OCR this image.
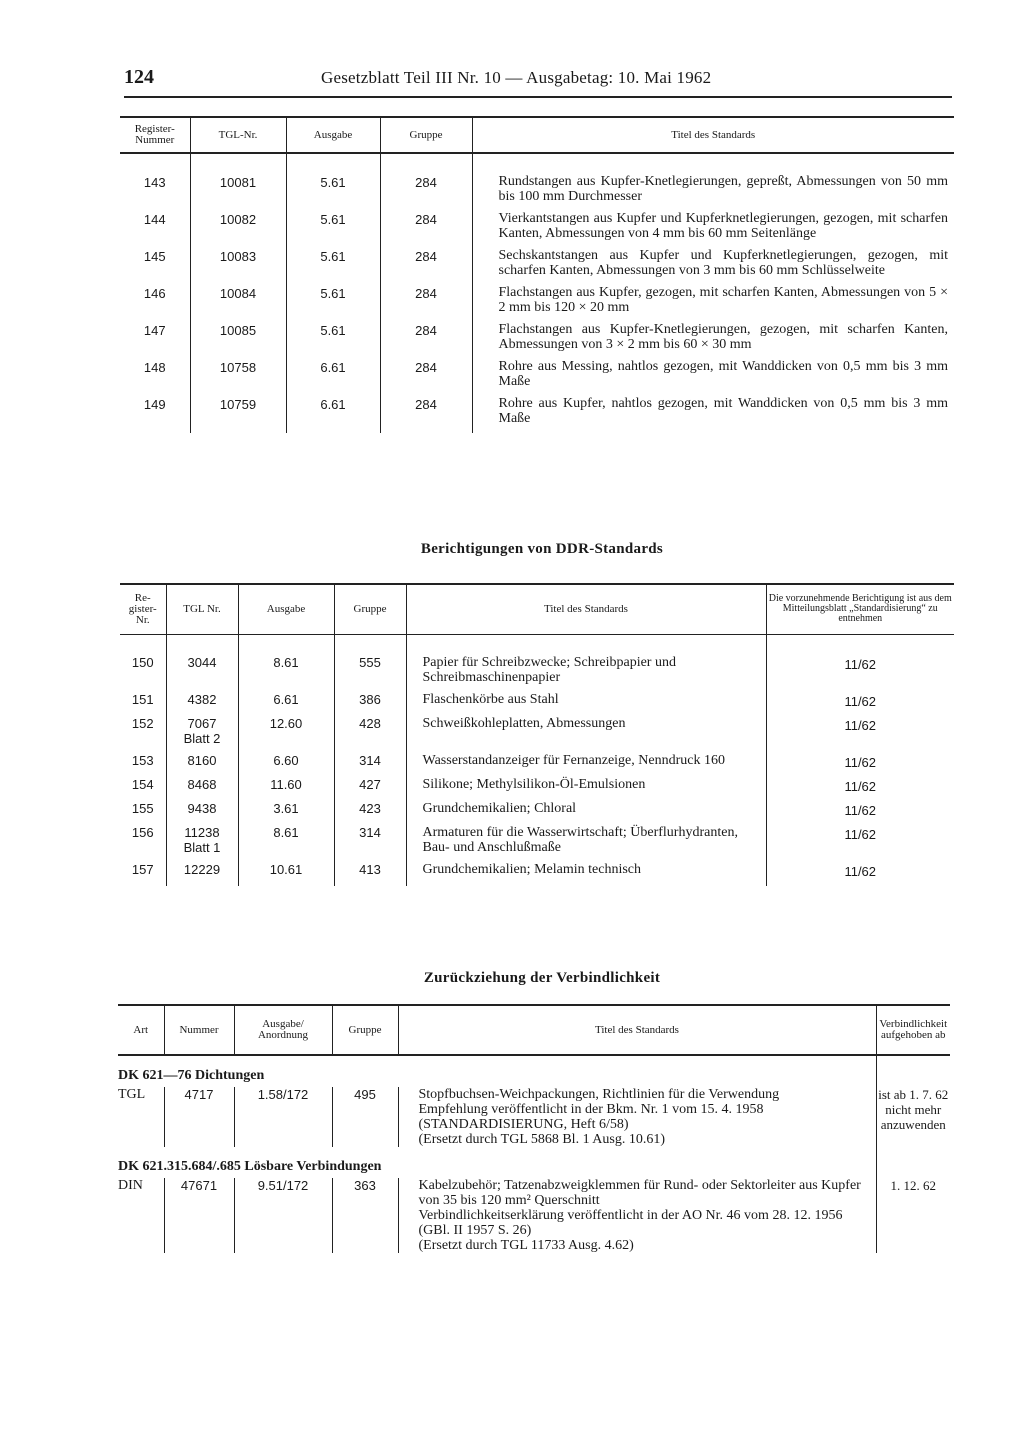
124	Gesetzblatt Teil III Nr. 10 — Ausgabetag: 10. Mai 1962
Register-Nummer	TGL-Nr.	Ausgabe	Gruppe	Titel des Standards

143	10081	5.61	284	Rundstangen aus Kupfer-Knetlegierungen, gepreßt, Abmessungen von 50 mm bis 100 mm Durchmesser
144	10082	5.61	284	Vierkantstangen aus Kupfer und Kupferknetlegierungen, gezogen, mit scharfen Kanten, Abmessungen von 4 mm bis 60 mm Seitenlänge
145	10083	5.61	284	Sechskantstangen aus Kupfer und Kupferknetlegierungen, gezogen, mit scharfen Kanten, Abmessungen von 3 mm bis 60 mm Schlüsselweite
146	10084	5.61	284	Flachstangen aus Kupfer, gezogen, mit scharfen Kanten, Abmessungen von 5 × 2 mm bis 120 × 20 mm
147	10085	5.61	284	Flachstangen aus Kupfer-Knetlegierungen, gezogen, mit scharfen Kanten, Abmessungen von 3 × 2 mm bis 60 × 30 mm
148	10758	6.61	284	Rohre aus Messing, nahtlos gezogen, mit Wanddicken von 0,5 mm bis 3 mm Maße
149	10759	6.61	284	Rohre aus Kupfer, nahtlos gezogen, mit Wanddicken von 0,5 mm bis 3 mm Maße
Berichtigungen von DDR-Standards
Re-gister-Nr.	TGL Nr.	Ausgabe	Gruppe	Titel des Standards	Die vorzunehmende Berichtigung ist aus dem Mitteilungsblatt „Standardisierung“ zu entnehmen

150	3044	8.61	555	Papier für Schreibzwecke; Schreibpapier und Schreibmaschinenpapier	11/62
151	4382	6.61	386	Flaschenkörbe aus Stahl	11/62
152	7067
Blatt 2	12.60	428	Schweißkohleplatten, Abmessungen	11/62
153	8160	6.60	314	Wasserstandanzeiger für Fernanzeige, Nenndruck 160	11/62
154	8468	11.60	427	Silikone; Methylsilikon-Öl-Emulsionen	11/62
155	9438	3.61	423	Grundchemikalien; Chloral	11/62
156	11238
Blatt 1	8.61	314	Armaturen für die Wasserwirtschaft; Überflurhydranten, Bau- und Anschlußmaße	11/62
157	12229	10.61	413	Grundchemikalien; Melamin technisch	11/62
Zurückziehung der Verbindlichkeit
Art	Nummer	Ausgabe/ Anordnung	Gruppe	Titel des Standards	Verbindlichkeit aufgehoben ab
DK 621—76 Dichtungen					
TGL	4717	1.58/172	495	Stopfbuchsen-Weichpackungen, Richtlinien für die Verwendung
Empfehlung veröffentlicht in der Bkm. Nr. 1 vom 15. 4. 1958 (STANDARDISIERUNG, Heft 6/58)
(Ersetzt durch TGL 5868 Bl. 1 Ausg. 10.61)	ist ab 1. 7. 62 nicht mehr anzuwenden
DK 621.315.684/.685 Lösbare Verbindungen					
DIN	47671	9.51/172	363	Kabelzubehör; Tatzenabzweigklemmen für Rund- oder Sektorleiter aus Kupfer von 35 bis 120 mm² Querschnitt
Verbindlichkeitserklärung veröffentlicht in der AO Nr. 46 vom 28. 12. 1956 (GBl. II 1957 S. 26)
(Ersetzt durch TGL 11733 Ausg. 4.62)	1. 12. 62
